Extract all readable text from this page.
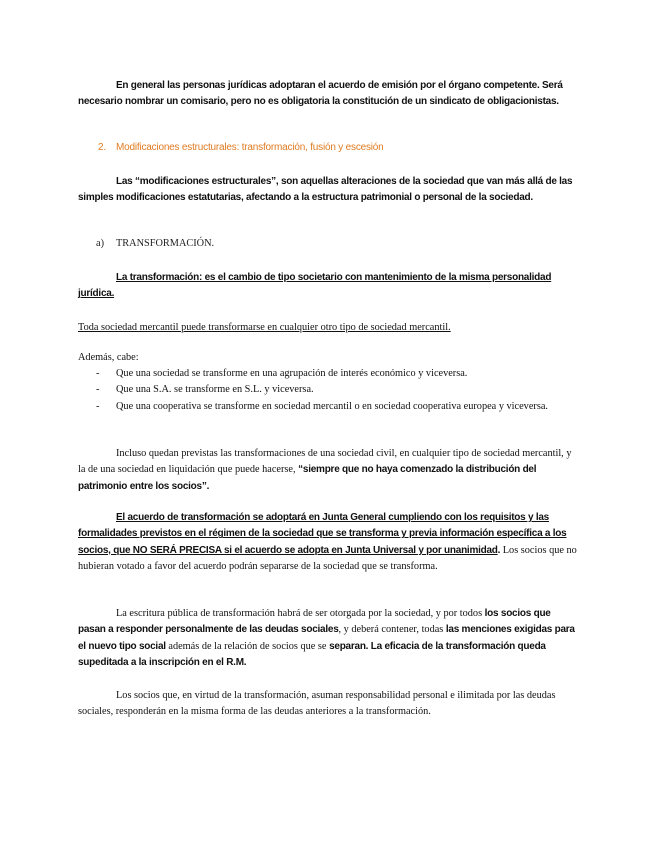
En general las personas jurídicas adoptaran el acuerdo de emisión por el órgano competente. Será necesario nombrar un comisario, pero no es obligatoria la constitución de un sindicato de obligacionistas.

2. Modificaciones estructurales: transformación, fusión y escesión

Las “modificaciones estructurales”, son aquellas alteraciones de la sociedad que van más allá de las simples modificaciones estatutarias, afectando a la estructura patrimonial o personal de la sociedad.

a) TRANSFORMACIÓN.

La transformación: es el cambio de tipo societario con mantenimiento de la misma personalidad jurídica.

Toda sociedad mercantil puede transformarse en cualquier otro tipo de sociedad mercantil.

Además, cabe:

- Que una sociedad se transforme en una agrupación de interés económico y viceversa.
- Que una S.A. se transforme en S.L. y viceversa.
- Que una cooperativa se transforme en sociedad mercantil o en sociedad cooperativa europea y viceversa.

Incluso quedan previstas las transformaciones de una sociedad civil, en cualquier tipo de sociedad mercantil, y la de una sociedad en liquidación que puede hacerse, “siempre que no haya comenzado la distribución del patrimonio entre los socios”.

El acuerdo de transformación se adoptará en Junta General cumpliendo con los requisitos y las formalidades previstos en el régimen de la sociedad que se transforma y previa información específica a los socios, que NO SERÁ PRECISA si el acuerdo se adopta en Junta Universal y por unanimidad. Los socios que no hubieran votado a favor del acuerdo podrán separarse de la sociedad que se transforma.

La escritura pública de transformación habrá de ser otorgada por la sociedad, y por todos los socios que pasan a responder personalmente de las deudas sociales, y deberá contener, todas las menciones exigidas para el nuevo tipo social además de la relación de socios que se separan. La eficacia de la transformación queda supeditada a la inscripción en el R.M.

Los socios que, en virtud de la transformación, asuman responsabilidad personal e ilimitada por las deudas sociales, responderán en la misma forma de las deudas anteriores a la transformación.
